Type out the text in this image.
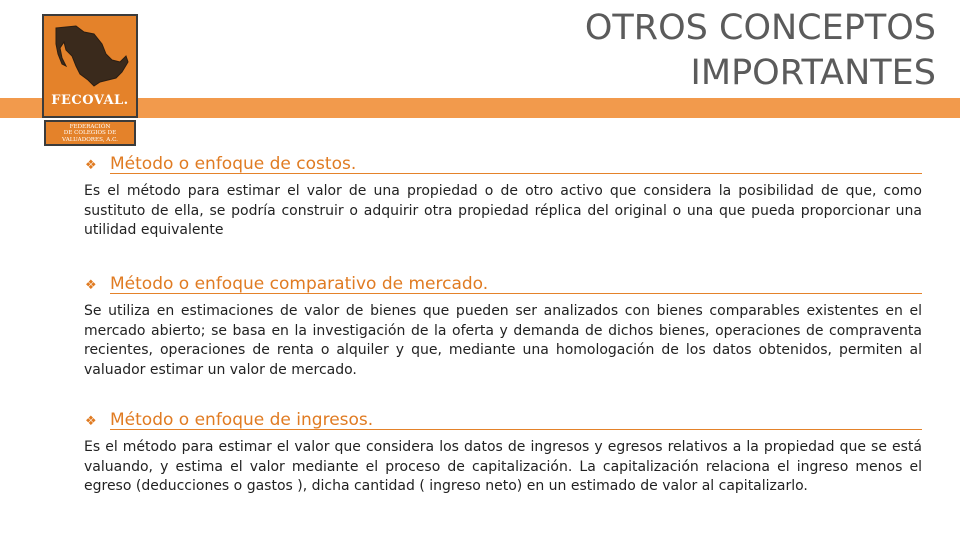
FECOVAL.
FEDERACIÓN
DE COLEGIOS DE
VALUADORES, A.C.
OTROS CONCEPTOS
IMPORTANTES
❖ Método o enfoque de costos.
Es el método para estimar el valor de una propiedad o de otro activo que considera la posibilidad de que, como sustituto de ella, se podría construir o adquirir otra propiedad réplica del original o una que pueda proporcionar una utilidad equivalente
❖ Método o enfoque comparativo de mercado.
Se utiliza en estimaciones de valor de bienes que pueden ser analizados con bienes comparables existentes en el mercado abierto; se basa en la investigación de la oferta y demanda de dichos bienes, operaciones de compraventa recientes, operaciones de renta o alquiler y que, mediante una homologación de los datos obtenidos, permiten al valuador estimar un valor de mercado.
❖ Método o enfoque de ingresos.
Es el método para estimar el valor que considera los datos de ingresos y egresos relativos a la propiedad que se está valuando, y estima el valor mediante el proceso de capitalización. La capitalización relaciona el ingreso menos el egreso (deducciones o gastos ), dicha cantidad ( ingreso neto) en un estimado de valor al capitalizarlo.
